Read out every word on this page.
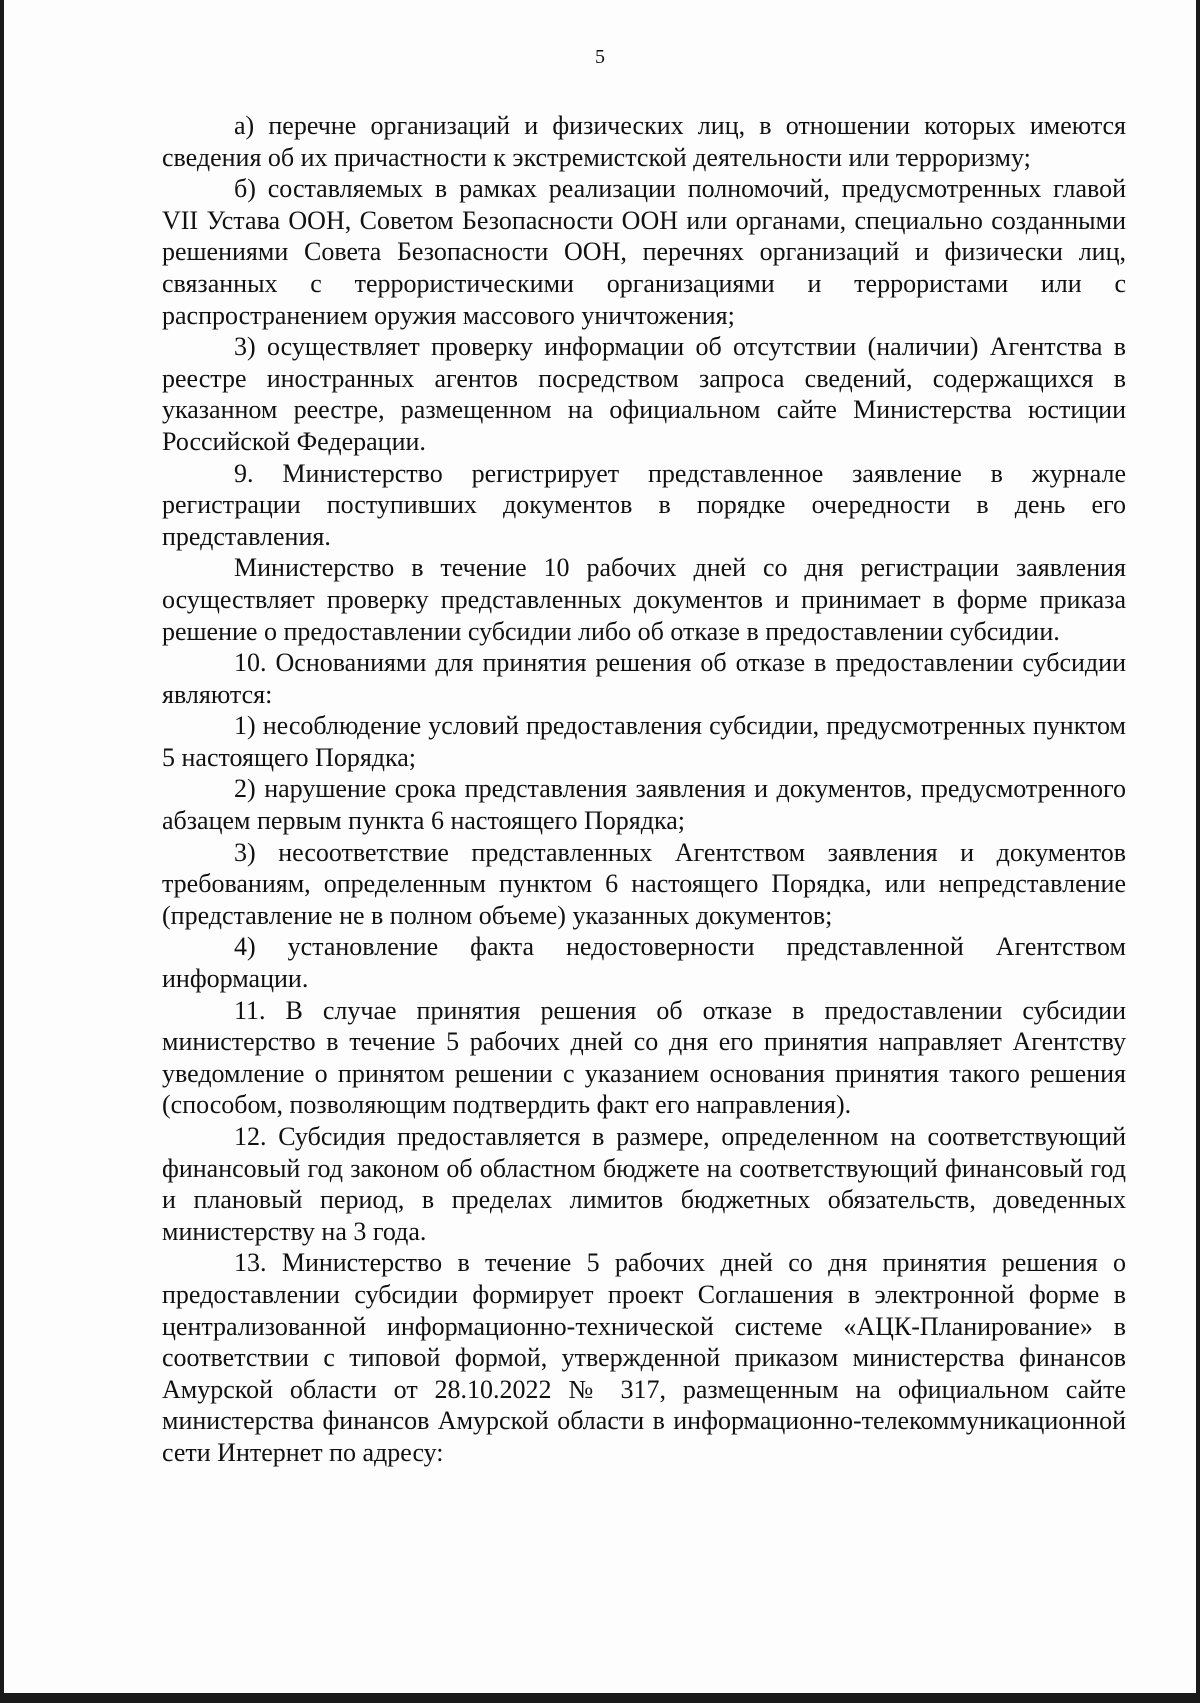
5

а) перечне организаций и физических лиц, в отношении которых имеются сведения об их причастности к экстремистской деятельности или терроризму;

б) составляемых в рамках реализации полномочий, предусмотренных главой VII Устава ООН, Советом Безопасности ООН или органами, специально созданными решениями Совета Безопасности ООН, перечнях организаций и физически лиц, связанных с террористическими организациями и террористами или с распространением оружия массового уничтожения;

3) осуществляет проверку информации об отсутствии (наличии) Агентства в реестре иностранных агентов посредством запроса сведений, содержащихся в указанном реестре, размещенном на официальном сайте Министерства юстиции Российской Федерации.

9. Министерство регистрирует представленное заявление в журнале регистрации поступивших документов в порядке очередности в день его представления.

Министерство в течение 10 рабочих дней со дня регистрации заявления осуществляет проверку представленных документов и принимает в форме приказа решение о предоставлении субсидии либо об отказе в предоставлении субсидии.

10. Основаниями для принятия решения об отказе в предоставлении субсидии являются:

1) несоблюдение условий предоставления субсидии, предусмотренных пунктом 5 настоящего Порядка;

2) нарушение срока представления заявления и документов, предусмотренного абзацем первым пункта 6 настоящего Порядка;

3) несоответствие представленных Агентством заявления и документов требованиям, определенным пунктом 6 настоящего Порядка, или непредставление (представление не в полном объеме) указанных документов;

4) установление факта недостоверности представленной Агентством информации.

11. В случае принятия решения об отказе в предоставлении субсидии министерство в течение 5 рабочих дней со дня его принятия направляет Агентству уведомление о принятом решении с указанием основания принятия такого решения (способом, позволяющим подтвердить факт его направления).

12. Субсидия предоставляется в размере, определенном на соответствующий финансовый год законом об областном бюджете на соответствующий финансовый год и плановый период, в пределах лимитов бюджетных обязательств, доведенных министерству на 3 года.

13. Министерство в течение 5 рабочих дней со дня принятия решения о предоставлении субсидии формирует проект Соглашения в электронной форме в централизованной информационно-технической системе «АЦК-Планирование» в соответствии с типовой формой, утвержденной приказом министерства финансов Амурской области от 28.10.2022 № 317, размещенным на официальном сайте министерства финансов Амурской области в информационно-телекоммуникационной сети Интернет по адресу:
